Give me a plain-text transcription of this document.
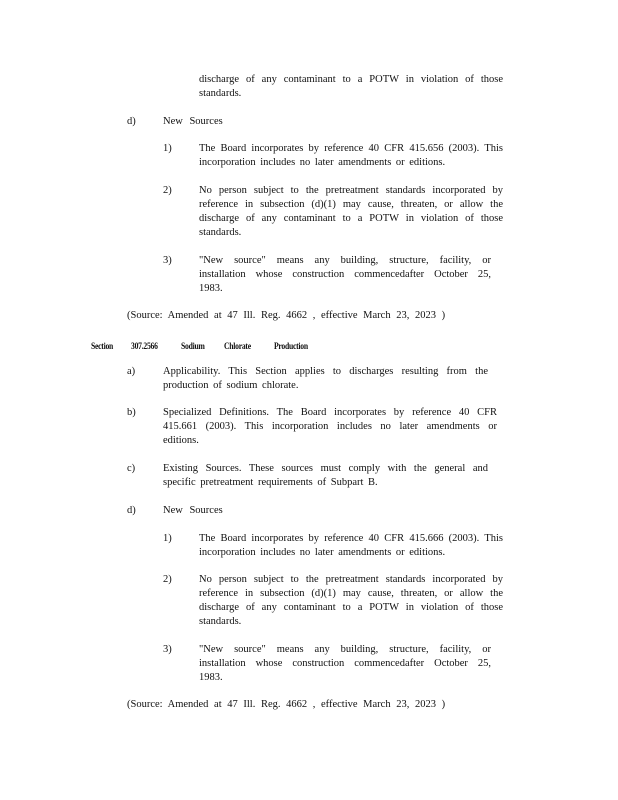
discharge of any contaminant to a POTW in violation of those standards.
d)	New Sources
1)	The Board incorporates by reference 40 CFR 415.656 (2003). This incorporation includes no later amendments or editions.
2)	No person subject to the pretreatment standards incorporated by reference in subsection (d)(1) may cause, threaten, or allow the discharge of any contaminant to a POTW in violation of those standards.
3)	"New source" means any building, structure, facility, or installation whose construction commencedafter October 25, 1983.
(Source: Amended at 47 Ill. Reg. 4662 , effective March 23, 2023 )
Section 307.2566	Sodium Chlorate	Production
a)	Applicability. This Section applies to discharges resulting from the production of sodium chlorate.
b)	Specialized Definitions. The Board incorporates by reference 40 CFR 415.661 (2003). This incorporation includes no later amendments or editions.
c)	Existing Sources. These sources must comply with the general and specific pretreatment requirements of Subpart B.
d)	New Sources
1)	The Board incorporates by reference 40 CFR 415.666 (2003). This incorporation includes no later amendments or editions.
2)	No person subject to the pretreatment standards incorporated by reference in subsection (d)(1) may cause, threaten, or allow the discharge of any contaminant to a POTW in violation of those standards.
3)	"New source" means any building, structure, facility, or installation whose construction commencedafter October 25, 1983.
(Source: Amended at 47 Ill. Reg. 4662 , effective March 23, 2023 )
